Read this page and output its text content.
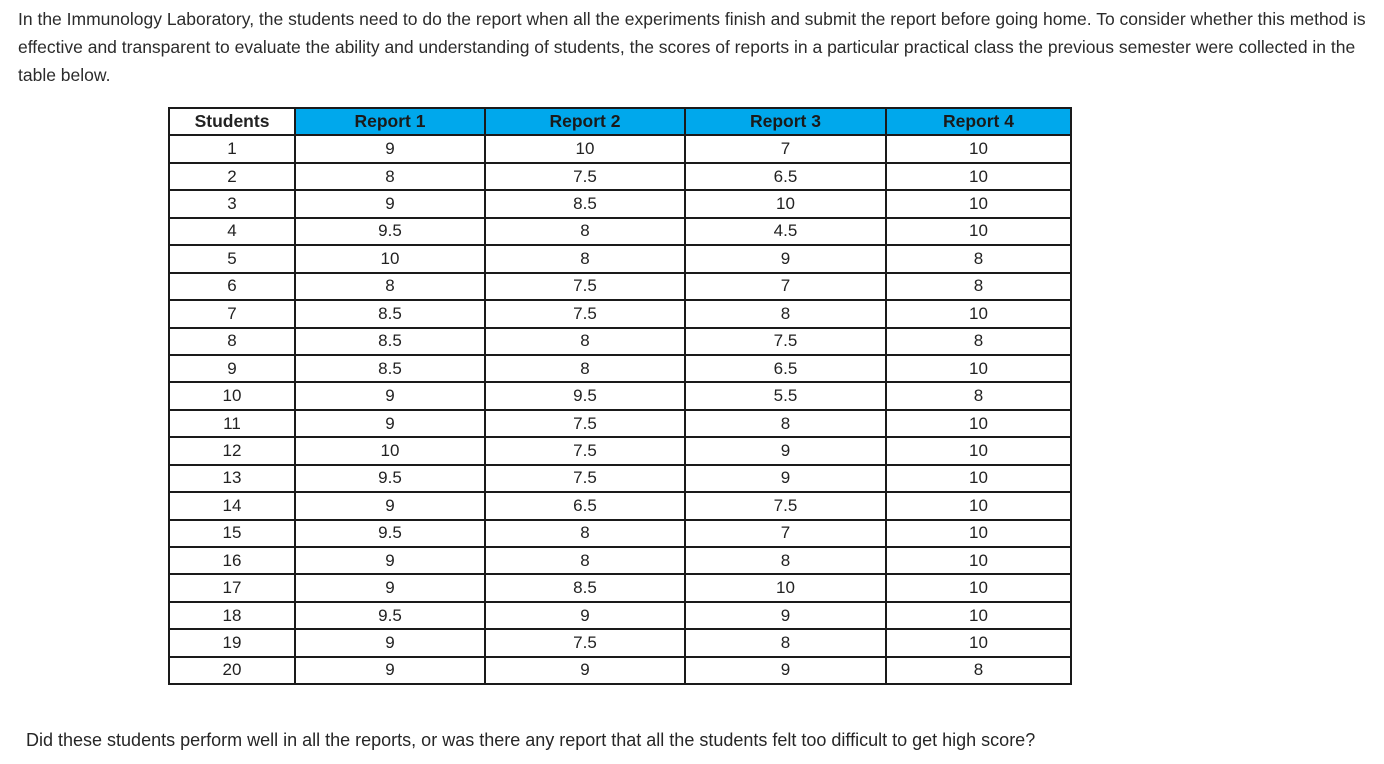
In the Immunology Laboratory, the students need to do the report when all the experiments finish and submit the report before going home. To consider whether this method is effective and transparent to evaluate the ability and understanding of students, the scores of reports in a particular practical class the previous semester were collected in the table below.

Students	Report 1	Report 2	Report 3	Report 4
1	9	10	7	10
2	8	7.5	6.5	10
3	9	8.5	10	10
4	9.5	8	4.5	10
5	10	8	9	8
6	8	7.5	7	8
7	8.5	7.5	8	10
8	8.5	8	7.5	8
9	8.5	8	6.5	10
10	9	9.5	5.5	8
11	9	7.5	8	10
12	10	7.5	9	10
13	9.5	7.5	9	10
14	9	6.5	7.5	10
15	9.5	8	7	10
16	9	8	8	10
17	9	8.5	10	10
18	9.5	9	9	10
19	9	7.5	8	10
20	9	9	9	8

Did these students perform well in all the reports, or was there any report that all the students felt too difficult to get high score?
